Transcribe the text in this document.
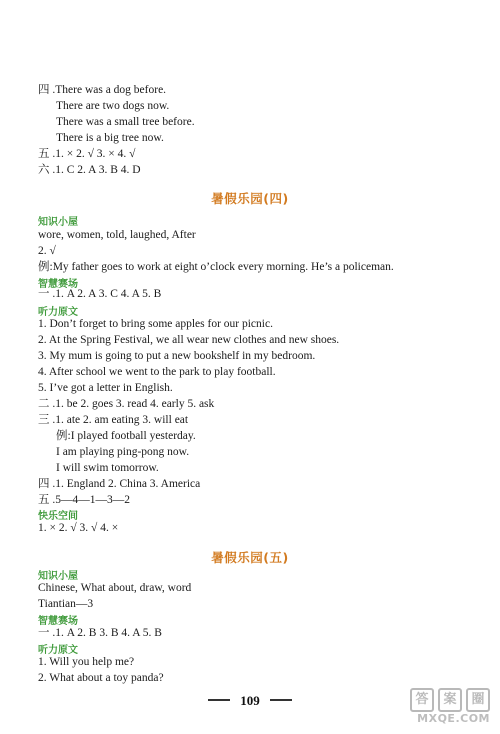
四 .There was a dog before.
There are two dogs now.
There was a small tree before.
There is a big tree now.
五 .1. × 2. √ 3. × 4. √
六 .1. C 2. A 3. B 4. D
暑假乐园(四)
知识小屋
wore, women, told, laughed, After
2. √
例:My father goes to work at eight o’clock every morning. He’s a policeman.
智慧赛场
一 .1. A 2. A 3. C 4. A 5. B
听力原文
1. Don’t forget to bring some apples for our picnic.
2. At the Spring Festival, we all wear new clothes and new shoes.
3. My mum is going to put a new bookshelf in my bedroom.
4. After school we went to the park to play football.
5. I’ve got a letter in English.
二 .1. be 2. goes 3. read 4. early 5. ask
三 .1. ate 2. am eating 3. will eat
例:I played football yesterday.
I am playing ping-pong now.
I will swim tomorrow.
四 .1. England 2. China 3. America
五 .5—4—1—3—2
快乐空间
1. × 2. √ 3. √ 4. ×
暑假乐园(五)
知识小屋
Chinese, What about, draw, word
Tiantian—3
智慧赛场
一 .1. A 2. B 3. B 4. A 5. B
听力原文
1. Will you help me?
2. What about a toy panda?
109	答	案	圈
MXQE.COM
